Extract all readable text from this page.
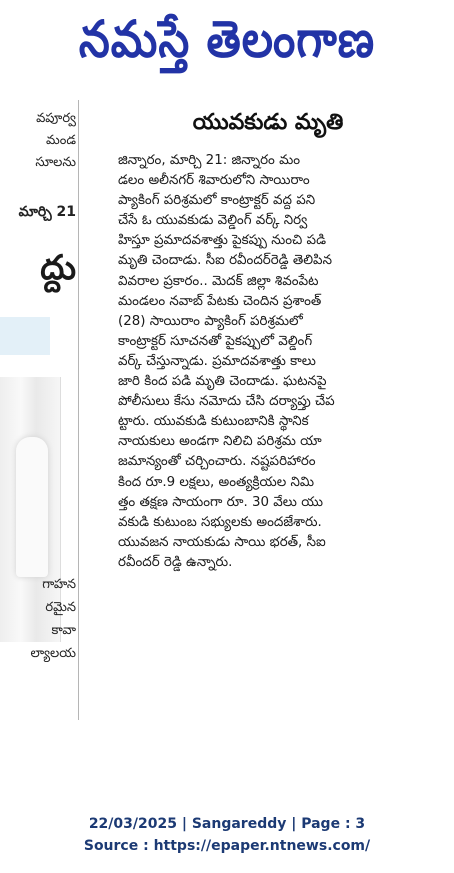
నమస్తే తెలంగాణ
వపూర్వ
మండ
సూలను
మార్చి 21
ద్దు
గాహన
రమైన
కావా
ల్యాలయ
యువకుడు మృతి
జిన్నారం, మార్చి 21: జిన్నారం మం
డలం అలీనగర్ శివారులోని సాయిరాం
ప్యాకింగ్ పరిశ్రమలో కాంట్రాక్టర్ వద్ద పని
చేసే ఓ యువకుడు వెల్డింగ్ వర్క్ నిర్వ
హిస్తూ ప్రమాదవశాత్తు పైకప్పు నుంచి పడి
మృతి చెందాడు. సీఐ రవీందర్‌రెడ్డి తెలిపిన
వివరాల ప్రకారం.. మెదక్ జిల్లా శివంపేట
మండలం నవాబ్ పేటకు చెందిన ప్రశాంత్
(28) సాయిరాం ప్యాకింగ్ పరిశ్రమలో
కాంట్రాక్టర్ సూచనతో పైకప్పులో వెల్డింగ్
వర్క్ చేస్తున్నాడు. ప్రమాదవశాత్తు కాలు
జారి కింద పడి మృతి చెందాడు. ఘటనపై
పోలీసులు కేసు నమోదు చేసి దర్యాప్తు చేప
ట్టారు. యువకుడి కుటుంబానికి స్థానిక
నాయకులు అండగా నిలిచి పరిశ్రమ యా
జమాన్యంతో చర్చించారు. నష్టపరిహారం
కింద రూ.9 లక్షలు, అంత్యక్రియల నిమి
త్తం తక్షణ సాయంగా రూ. 30 వేలు యు
వకుడి కుటుంబ సభ్యులకు అందజేశారు.
యువజన నాయకుడు సాయి భరత్, సీఐ
రవీందర్ రెడ్డి ఉన్నారు.
22/03/2025 | Sangareddy | Page : 3
Source : https://epaper.ntnews.com/
